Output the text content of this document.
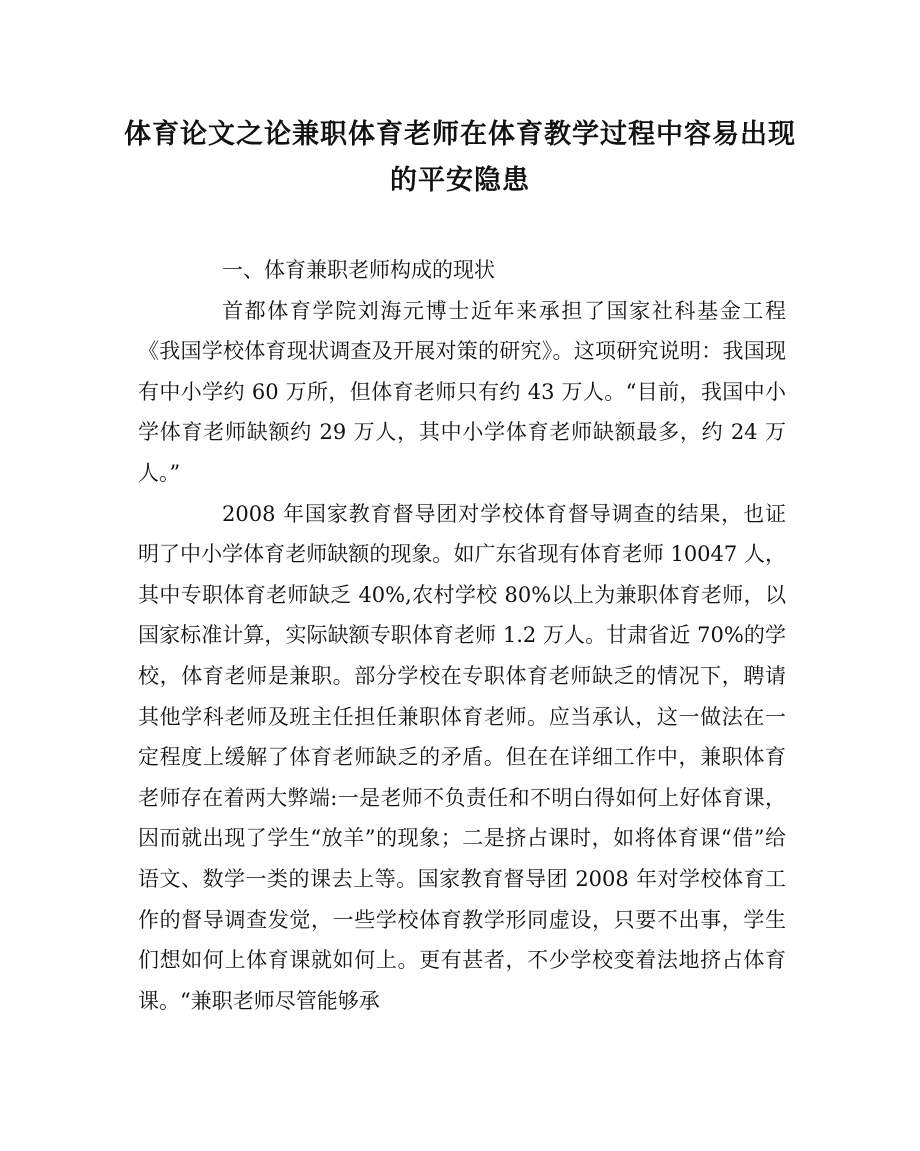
体育论文之论兼职体育老师在体育教学过程中容易出现的平安隐患

一、体育兼职老师构成的现状

首都体育学院刘海元博士近年来承担了国家社科基金工程《我国学校体育现状调查及开展对策的研究》。这项研究说明：我国现有中小学约 60 万所，但体育老师只有约 43 万人。“目前，我国中小学体育老师缺额约 29 万人，其中小学体育老师缺额最多，约 24 万人。”

2008 年国家教育督导团对学校体育督导调查的结果，也证明了中小学体育老师缺额的现象。如广东省现有体育老师 10047 人，其中专职体育老师缺乏 40%,农村学校 80%以上为兼职体育老师，以国家标准计算，实际缺额专职体育老师 1.2 万人。甘肃省近 70%的学校，体育老师是兼职。部分学校在专职体育老师缺乏的情况下，聘请其他学科老师及班主任担任兼职体育老师。应当承认，这一做法在一定程度上缓解了体育老师缺乏的矛盾。但在在详细工作中，兼职体育老师存在着两大弊端:一是老师不负责任和不明白得如何上好体育课，因而就出现了学生“放羊”的现象；二是挤占课时，如将体育课“借”给语文、数学一类的课去上等。国家教育督导团 2008 年对学校体育工作的督导调查发觉，一些学校体育教学形同虚设，只要不出事，学生们想如何上体育课就如何上。更有甚者，不少学校变着法地挤占体育课。“兼职老师尽管能够承
